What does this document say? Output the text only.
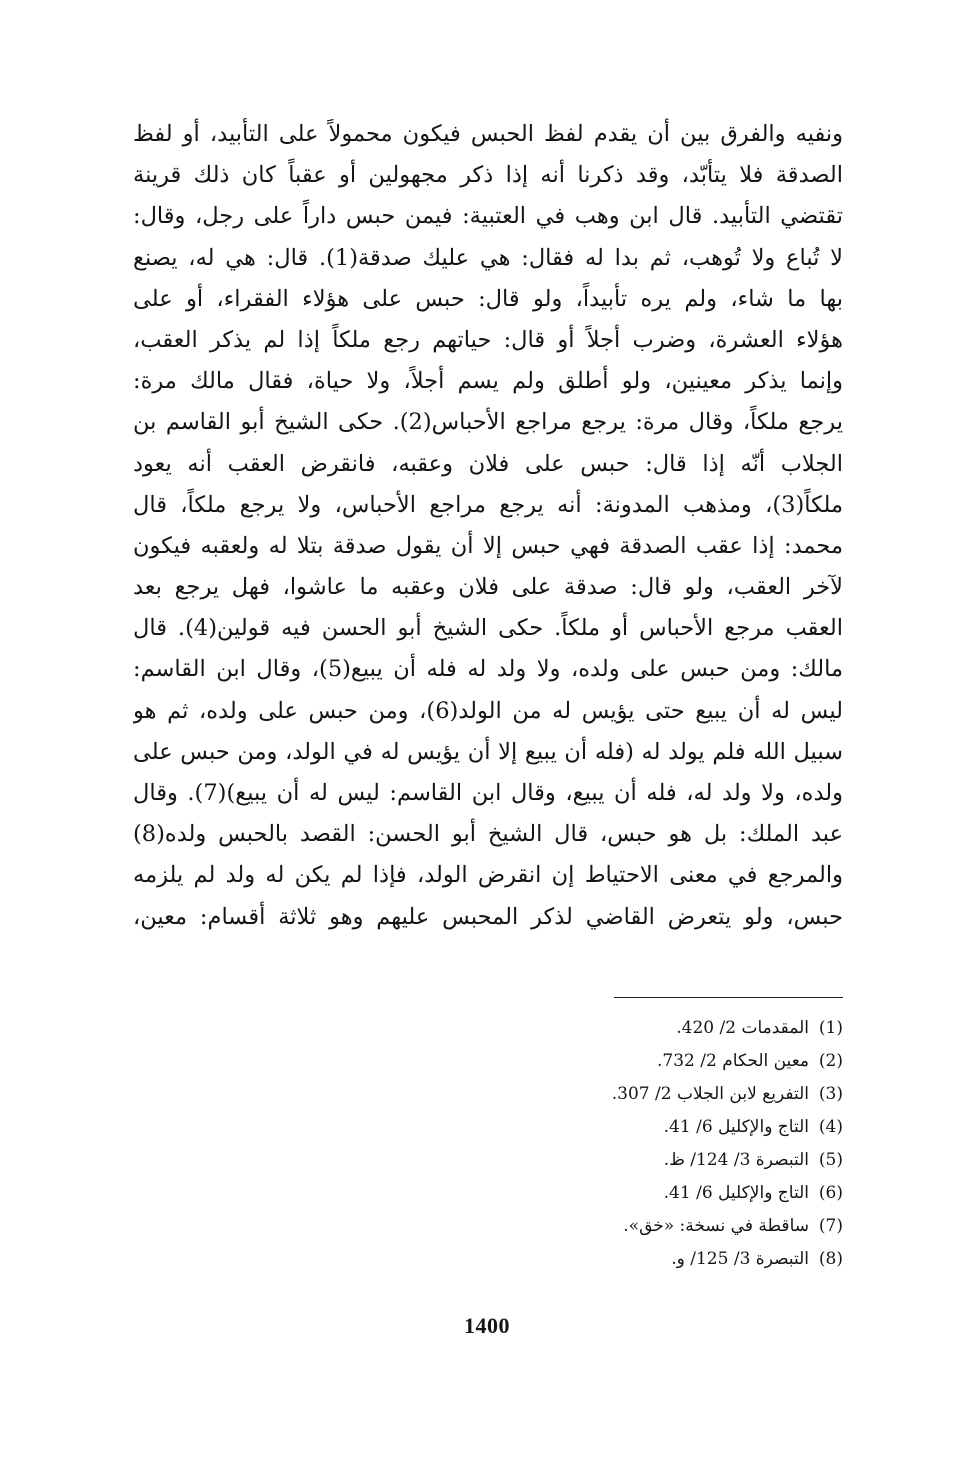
ونفيه والفرق بين أن يقدم لفظ الحبس فيكون محمولاً على التأبيد، أو لفظ
الصدقة فلا يتأبّد، وقد ذكرنا أنه إذا ذكر مجهولين أو عقباً كان ذلك قرينة
تقتضي التأبيد. قال ابن وهب في العتبية: فيمن حبس داراً على رجل، وقال:
لا تُباع ولا تُوهب، ثم بدا له فقال: هي عليك صدقة(1). قال: هي له، يصنع
بها ما شاء، ولم يره تأبيداً، ولو قال: حبس على هؤلاء الفقراء، أو على
هؤلاء العشرة، وضرب أجلاً أو قال: حياتهم رجع ملكاً إذا لم يذكر العقب،
وإنما يذكر معينين، ولو أطلق ولم يسم أجلاً، ولا حياة، فقال مالك مرة:
يرجع ملكاً، وقال مرة: يرجع مراجع الأحباس(2). حكى الشيخ أبو القاسم بن
الجلاب أنّه إذا قال: حبس على فلان وعقبه، فانقرض العقب أنه يعود
ملكاً(3)، ومذهب المدونة: أنه يرجع مراجع الأحباس، ولا يرجع ملكاً، قال
محمد: إذا عقب الصدقة فهي حبس إلا أن يقول صدقة بتلا له ولعقبه فيكون
لآخر العقب، ولو قال: صدقة على فلان وعقبه ما عاشوا، فهل يرجع بعد
العقب مرجع الأحباس أو ملكاً. حكى الشيخ أبو الحسن فيه قولين(4). قال
مالك: ومن حبس على ولده، ولا ولد له فله أن يبيع(5)، وقال ابن القاسم:
ليس له أن يبيع حتى يؤيس له من الولد(6)، ومن حبس على ولده، ثم هو
سبيل الله فلم يولد له (فله أن يبيع إلا أن يؤيس له في الولد، ومن حبس على
ولده، ولا ولد له، فله أن يبيع، وقال ابن القاسم: ليس له أن يبيع)(7). وقال
عبد الملك: بل هو حبس، قال الشيخ أبو الحسن: القصد بالحبس ولده(8)
والمرجع في معنى الاحتياط إن انقرض الولد، فإذا لم يكن له ولد لم يلزمه
حبس، ولو يتعرض القاضي لذكر المحبس عليهم وهو ثلاثة أقسام: معين،
(1)المقدمات 2/ 420.
(2)معين الحكام 2/ 732.
(3)التفريع لابن الجلاب 2/ 307.
(4)التاج والإكليل 6/ 41.
(5)التبصرة 3/ 124/ ظ.
(6)التاج والإكليل 6/ 41.
(7)ساقطة في نسخة: «خق».
(8)التبصرة 3/ 125/ و.
1400
